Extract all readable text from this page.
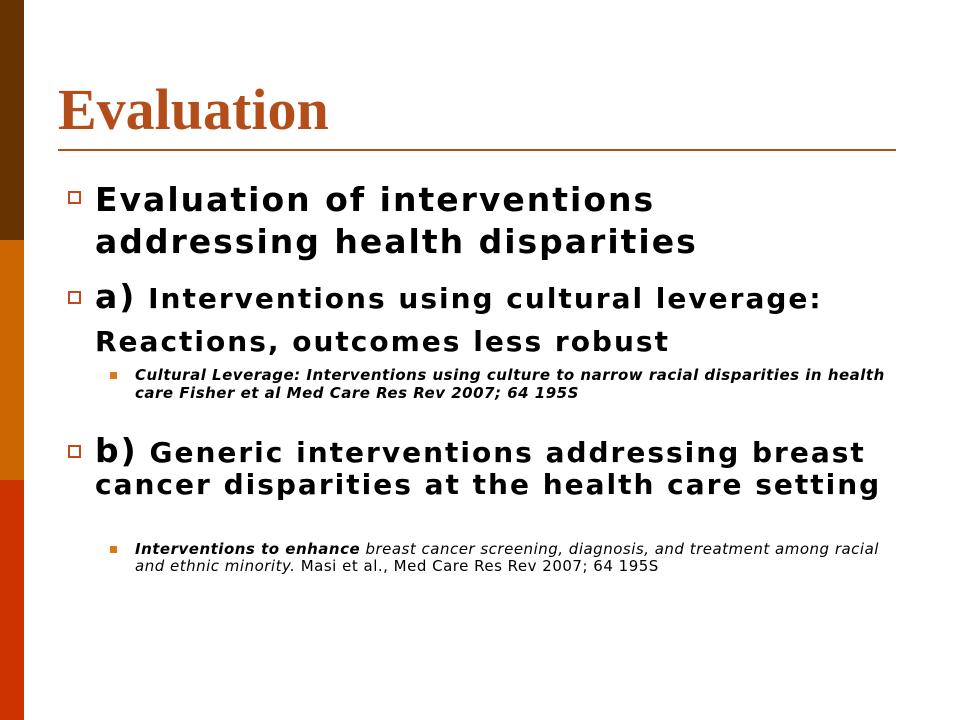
Evaluation
Evaluation of interventions
addressing health disparities
a) Interventions using cultural leverage:
Reactions, outcomes less robust
Cultural Leverage: Interventions using culture to narrow racial disparities in health
care Fisher et al Med Care Res Rev 2007; 64 195S
b) Generic interventions addressing breast
cancer disparities at the health care setting
Interventions to enhance breast cancer screening, diagnosis, and treatment among racial
and ethnic minority. Masi et al., Med Care Res Rev 2007; 64 195S
